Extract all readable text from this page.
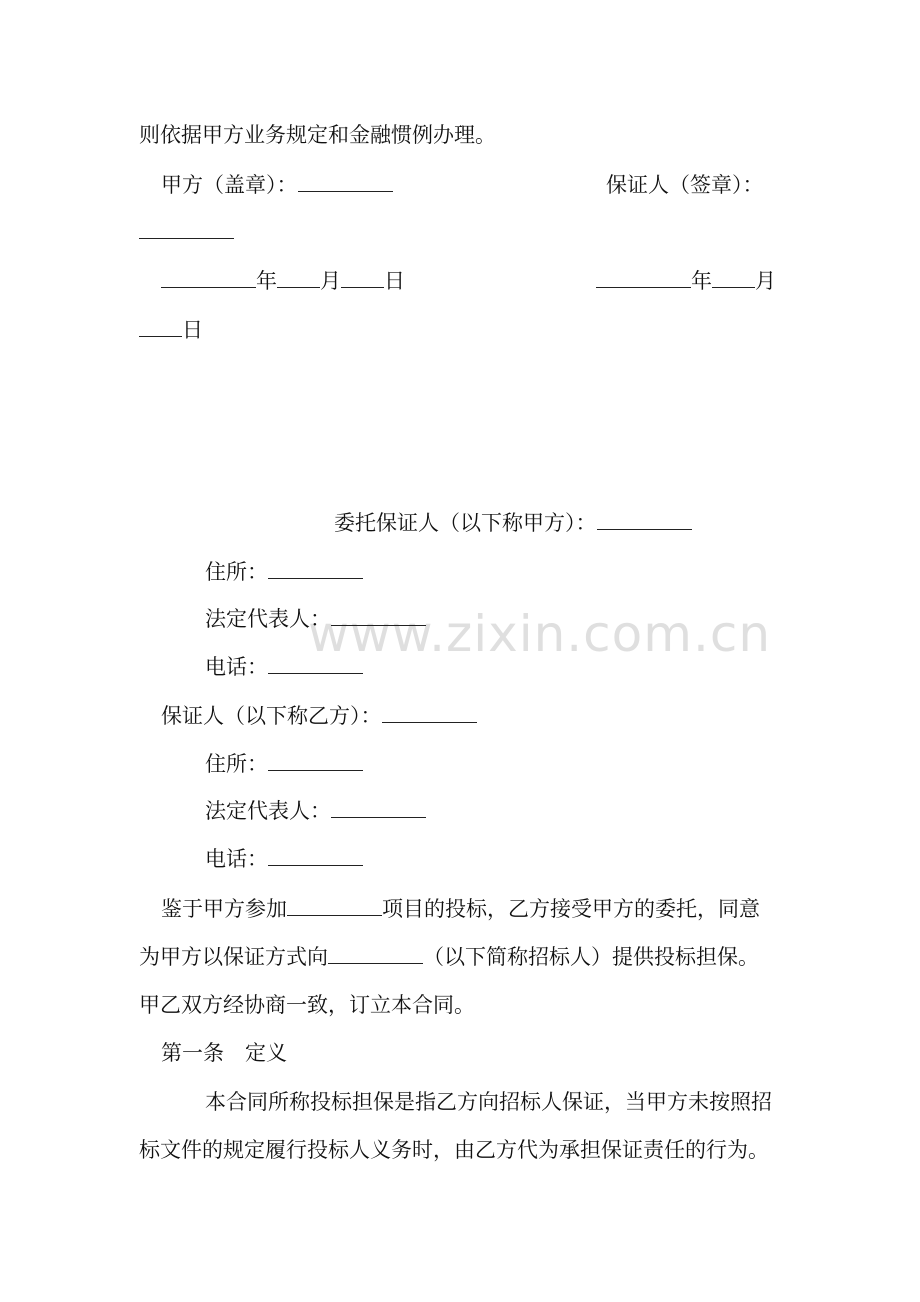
www.zixin.com.cn
则依据甲方业务规定和金融惯例办理。
甲方（盖章）：	保证人（签章）：
年 月 日	年 月
日
委托保证人（以下称甲方）：
住所：
法定代表人：
电话：
保证人（以下称乙方）：
住所：
法定代表人：
电话：
鉴于甲方参加	项目的投标，乙方接受甲方的委托，同意
为甲方以保证方式向	（以下简称招标人）提供投标担保。
甲乙双方经协商一致，订立本合同。
第一条　定义
本合同所称投标担保是指乙方向招标人保证，当甲方未按照招
标文件的规定履行投标人义务时，由乙方代为承担保证责任的行为。
